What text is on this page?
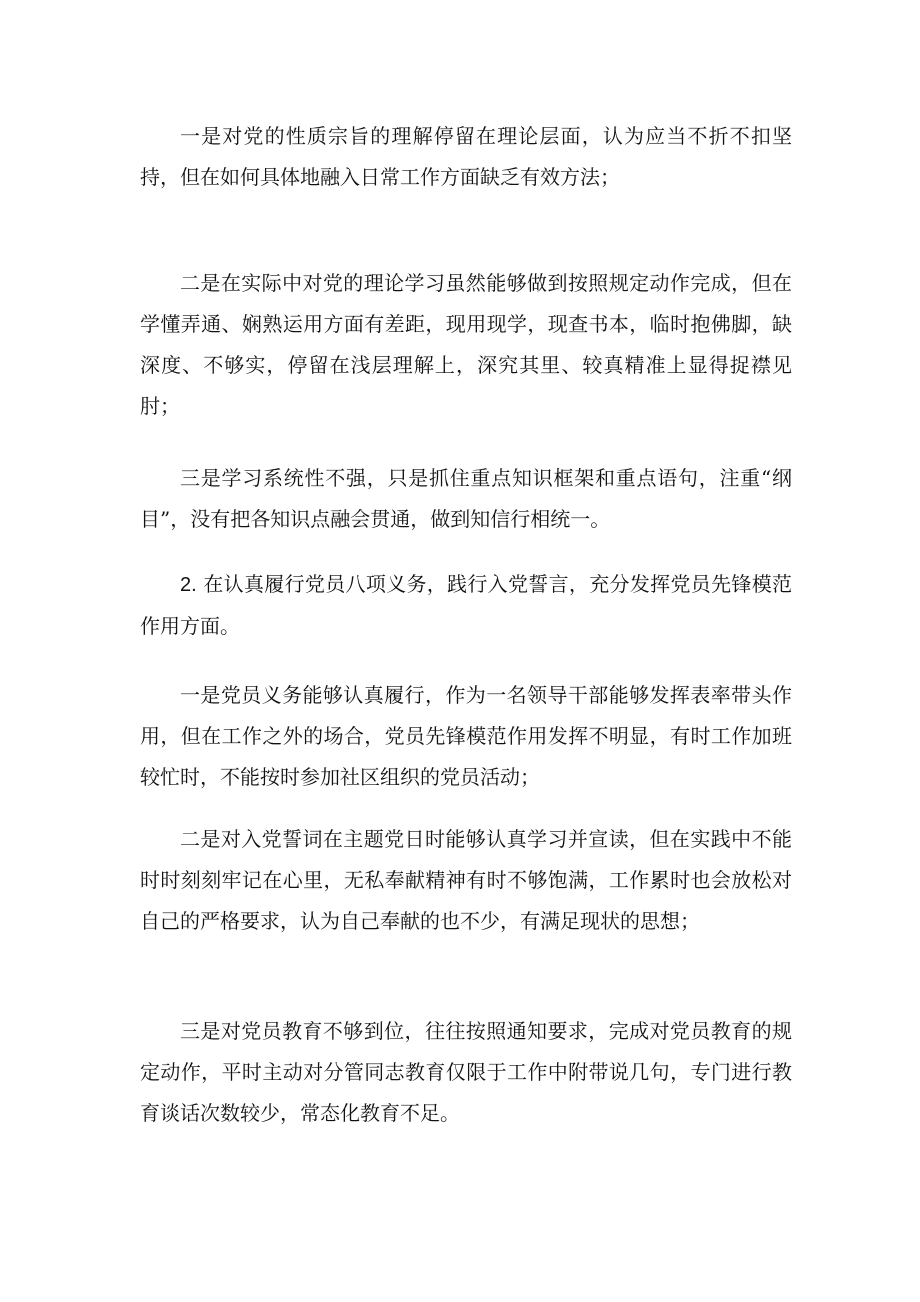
一是对党的性质宗旨的理解停留在理论层面，认为应当不折不扣坚持，但在如何具体地融入日常工作方面缺乏有效方法；

二是在实际中对党的理论学习虽然能够做到按照规定动作完成，但在学懂弄通、娴熟运用方面有差距，现用现学，现查书本，临时抱佛脚，缺深度、不够实，停留在浅层理解上，深究其里、较真精准上显得捉襟见肘；

三是学习系统性不强，只是抓住重点知识框架和重点语句，注重“纲目”，没有把各知识点融会贯通，做到知信行相统一。

2. 在认真履行党员八项义务，践行入党誓言，充分发挥党员先锋模范作用方面。

一是党员义务能够认真履行，作为一名领导干部能够发挥表率带头作用，但在工作之外的场合，党员先锋模范作用发挥不明显，有时工作加班较忙时，不能按时参加社区组织的党员活动；

二是对入党誓词在主题党日时能够认真学习并宣读，但在实践中不能时时刻刻牢记在心里，无私奉献精神有时不够饱满，工作累时也会放松对自己的严格要求，认为自己奉献的也不少，有满足现状的思想；

三是对党员教育不够到位，往往按照通知要求，完成对党员教育的规定动作，平时主动对分管同志教育仅限于工作中附带说几句，专门进行教育谈话次数较少，常态化教育不足。
